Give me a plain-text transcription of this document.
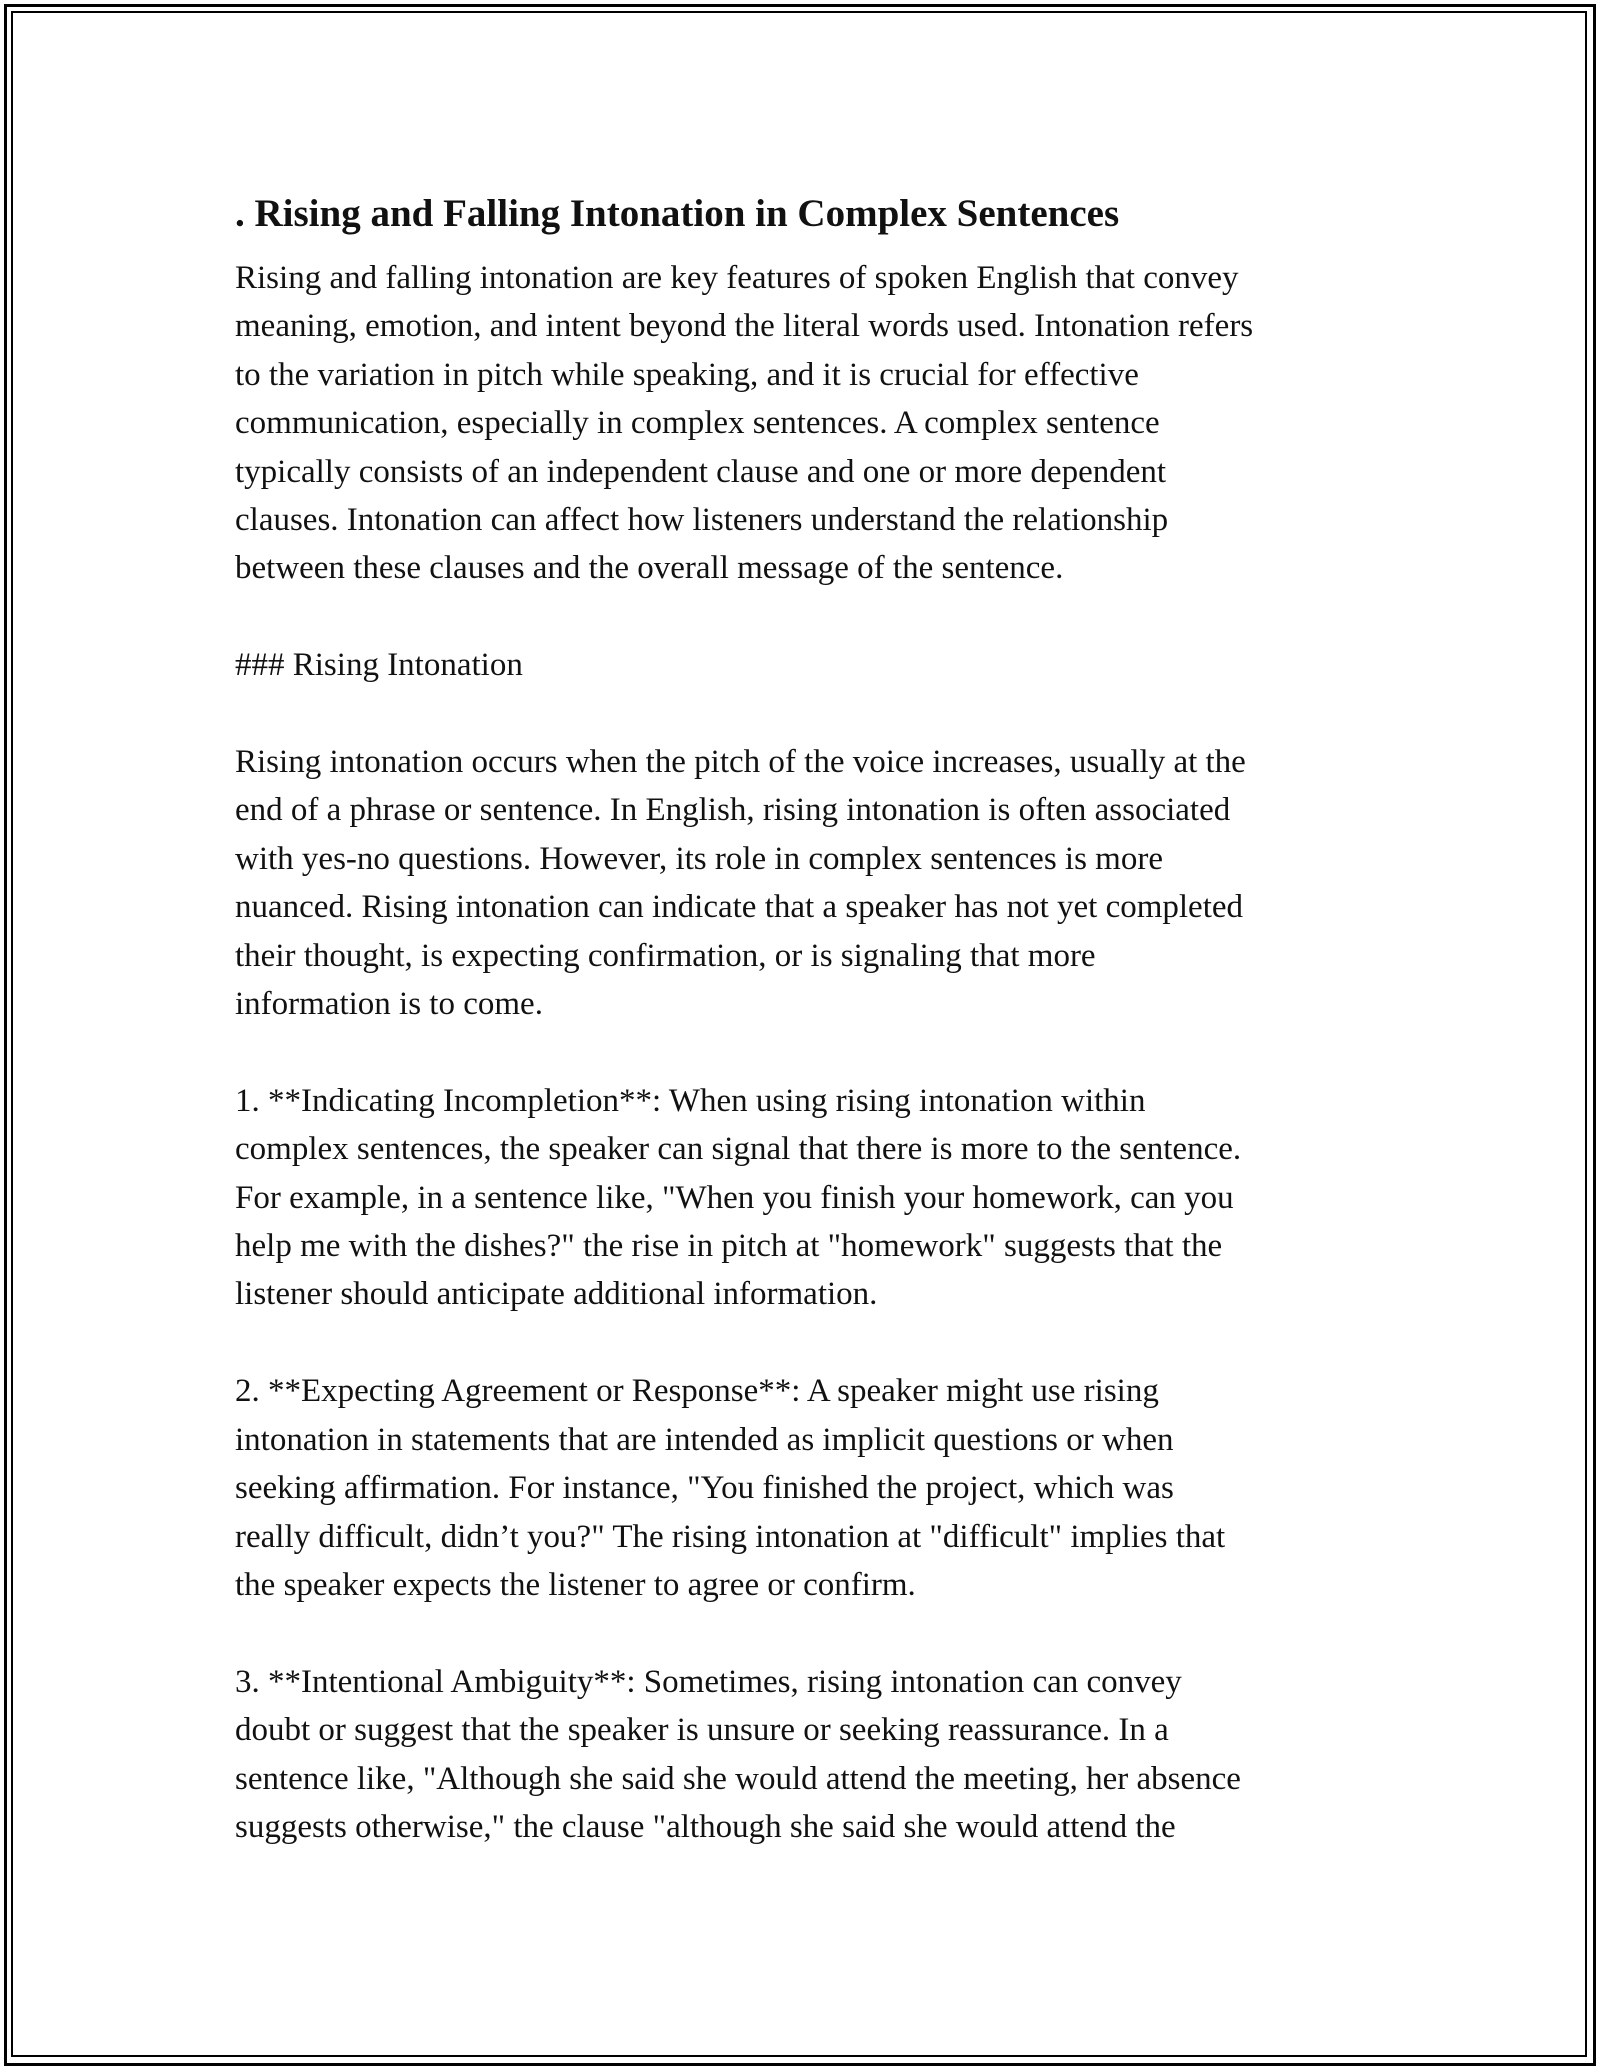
. Rising and Falling Intonation in Complex Sentences

Rising and falling intonation are key features of spoken English that convey
meaning, emotion, and intent beyond the literal words used. Intonation refers
to the variation in pitch while speaking, and it is crucial for effective
communication, especially in complex sentences. A complex sentence
typically consists of an independent clause and one or more dependent
clauses. Intonation can affect how listeners understand the relationship
between these clauses and the overall message of the sentence.

### Rising Intonation

Rising intonation occurs when the pitch of the voice increases, usually at the
end of a phrase or sentence. In English, rising intonation is often associated
with yes-no questions. However, its role in complex sentences is more
nuanced. Rising intonation can indicate that a speaker has not yet completed
their thought, is expecting confirmation, or is signaling that more
information is to come.

1. **Indicating Incompletion**: When using rising intonation within
complex sentences, the speaker can signal that there is more to the sentence.
For example, in a sentence like, "When you finish your homework, can you
help me with the dishes?" the rise in pitch at "homework" suggests that the
listener should anticipate additional information.

2. **Expecting Agreement or Response**: A speaker might use rising
intonation in statements that are intended as implicit questions or when
seeking affirmation. For instance, "You finished the project, which was
really difficult, didn’t you?" The rising intonation at "difficult" implies that
the speaker expects the listener to agree or confirm.

3. **Intentional Ambiguity**: Sometimes, rising intonation can convey
doubt or suggest that the speaker is unsure or seeking reassurance. In a
sentence like, "Although she said she would attend the meeting, her absence
suggests otherwise," the clause "although she said she would attend the
